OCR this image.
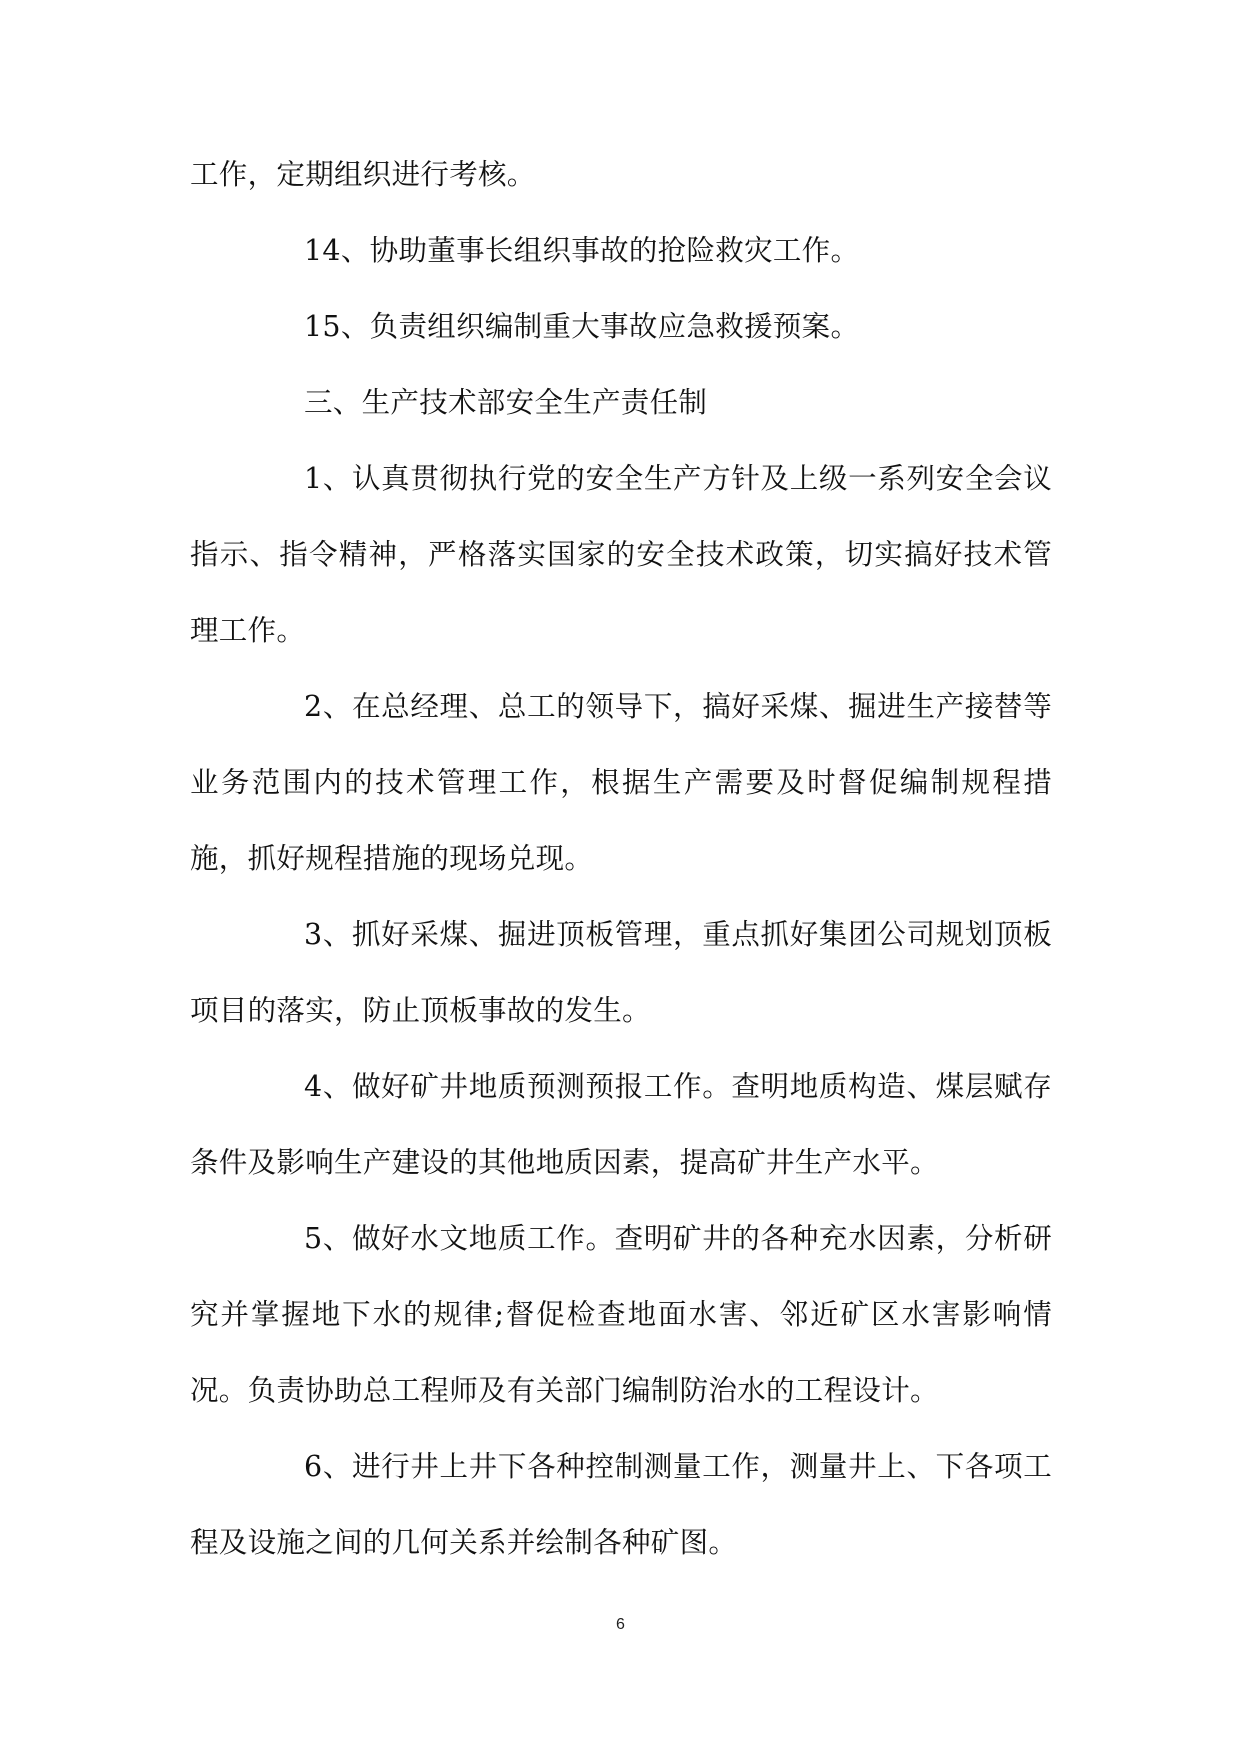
工作，定期组织进行考核。

14、协助董事长组织事故的抢险救灾工作。

15、负责组织编制重大事故应急救援预案。

三、生产技术部安全生产责任制

1、认真贯彻执行党的安全生产方针及上级一系列安全会议指示、指令精神，严格落实国家的安全技术政策，切实搞好技术管理工作。

2、在总经理、总工的领导下，搞好采煤、掘进生产接替等业务范围内的技术管理工作，根据生产需要及时督促编制规程措施，抓好规程措施的现场兑现。

3、抓好采煤、掘进顶板管理，重点抓好集团公司规划顶板项目的落实，防止顶板事故的发生。

4、做好矿井地质预测预报工作。查明地质构造、煤层赋存条件及影响生产建设的其他地质因素，提高矿井生产水平。

5、做好水文地质工作。查明矿井的各种充水因素，分析研究并掌握地下水的规律;督促检查地面水害、邻近矿区水害影响情况。负责协助总工程师及有关部门编制防治水的工程设计。

6、进行井上井下各种控制测量工作，测量井上、下各项工程及设施之间的几何关系并绘制各种矿图。

6
